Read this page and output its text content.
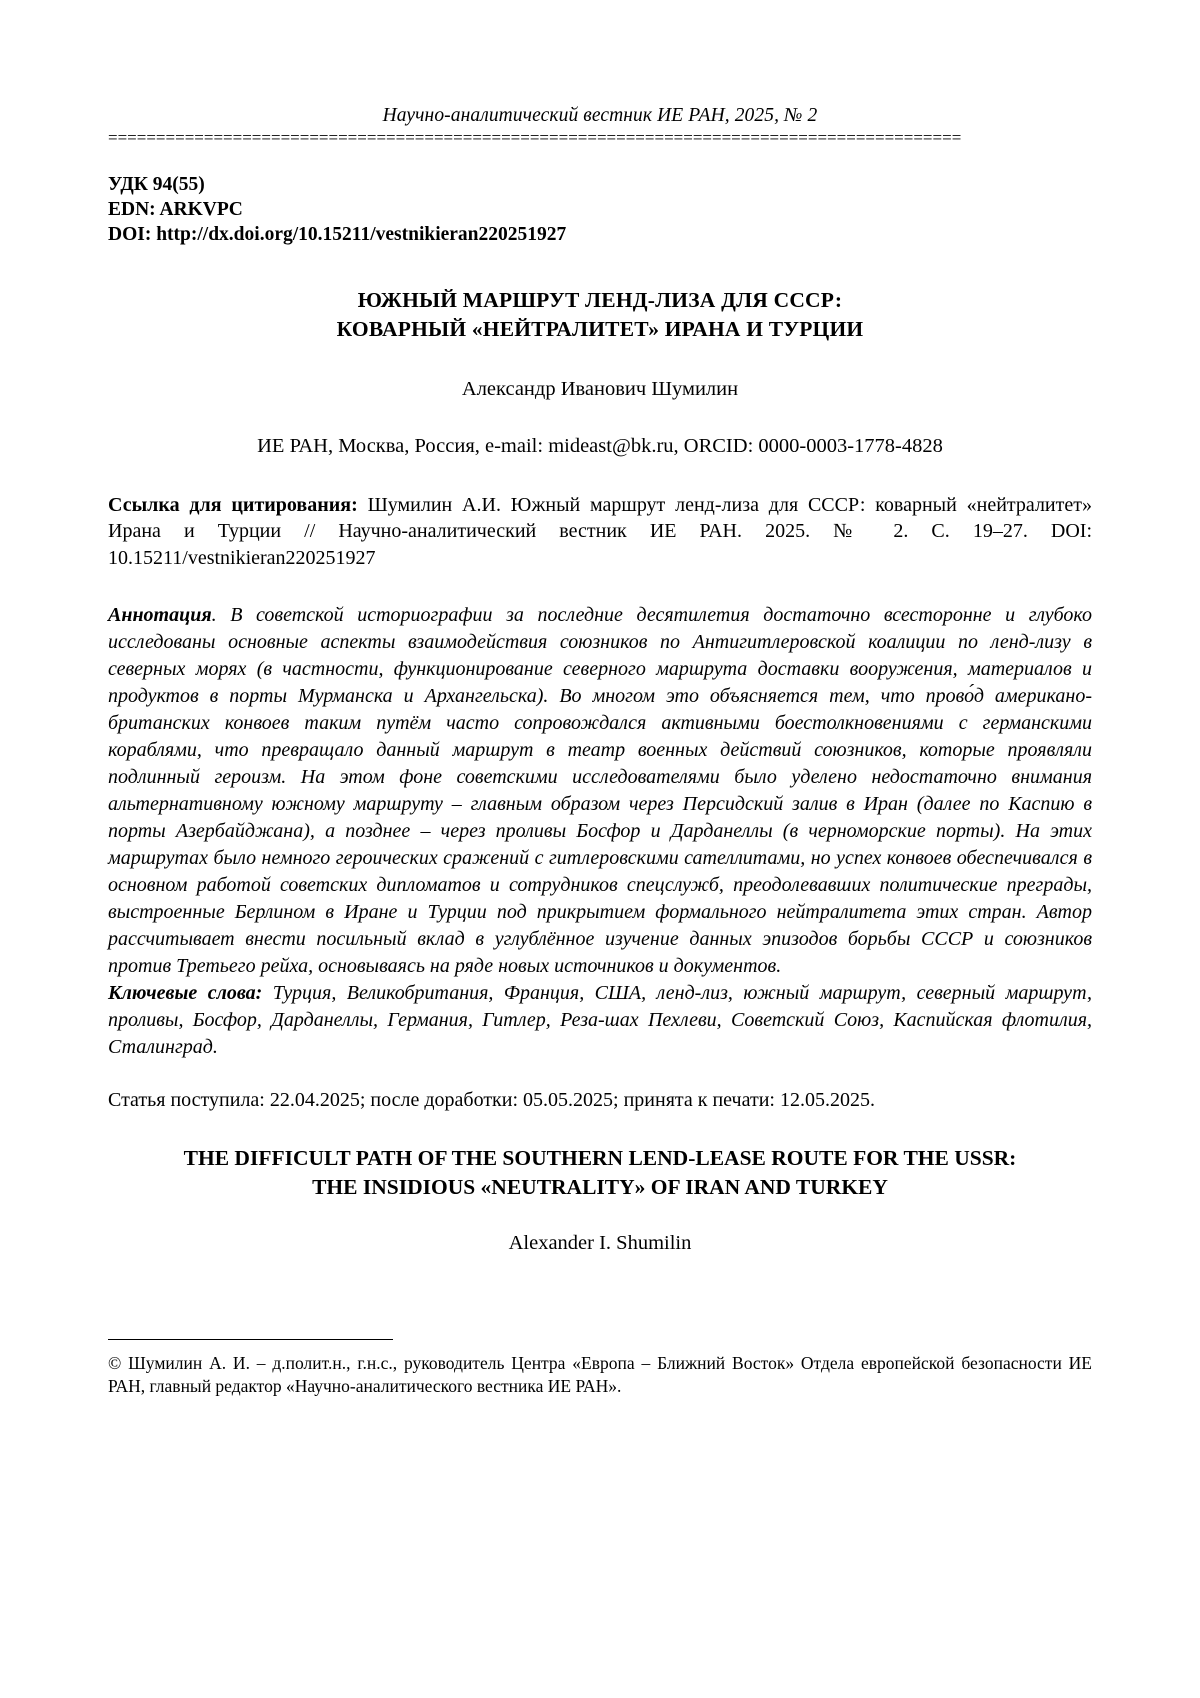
Научно-аналитический вестник ИЕ РАН, 2025, № 2
=========================================================================================
УДК 94(55)
EDN: ARKVPC
DOI: http://dx.doi.org/10.15211/vestnikieran220251927
ЮЖНЫЙ МАРШРУТ ЛЕНД-ЛИЗА ДЛЯ СССР:
КОВАРНЫЙ «НЕЙТРАЛИТЕТ» ИРАНА И ТУРЦИИ
Александр Иванович Шумилин
ИЕ РАН, Москва, Россия, e-mail: mideast@bk.ru, ORCID: 0000-0003-1778-4828
Ссылка для цитирования: Шумилин А.И. Южный маршрут ленд-лиза для СССР: коварный «нейтралитет» Ирана и Турции // Научно-аналитический вестник ИЕ РАН. 2025. № 2. С. 19–27. DOI: 10.15211/vestnikieran220251927
Аннотация. В советской историографии за последние десятилетия достаточно всесторонне и глубоко исследованы основные аспекты взаимодействия союзников по Антигитлеровской коалиции по ленд-лизу в северных морях (в частности, функционирование северного маршрута доставки вооружения, материалов и продуктов в порты Мурманска и Архангельска). Во многом это объясняется тем, что прово́д американо-британских конвоев таким путём часто сопровождался активными боестолкновениями с германскими кораблями, что превращало данный маршрут в театр военных действий союзников, которые проявляли подлинный героизм. На этом фоне советскими исследователями было уделено недостаточно внимания альтернативному южному маршруту – главным образом через Персидский залив в Иран (далее по Каспию в порты Азербайджана), а позднее – через проливы Босфор и Дарданеллы (в черноморские порты). На этих маршрутах было немного героических сражений с гитлеровскими сателлитами, но успех конвоев обеспечивался в основном работой советских дипломатов и сотрудников спецслужб, преодолевавших политические преграды, выстроенные Берлином в Иране и Турции под прикрытием формального нейтралитета этих стран. Автор рассчитывает внести посильный вклад в углублённое изучение данных эпизодов борьбы СССР и союзников против Третьего рейха, основываясь на ряде новых источников и документов.
Ключевые слова: Турция, Великобритания, Франция, США, ленд-лиз, южный маршрут, северный маршрут, проливы, Босфор, Дарданеллы, Германия, Гитлер, Реза-шах Пехлеви, Советский Союз, Каспийская флотилия, Сталинград.
Статья поступила: 22.04.2025; после доработки: 05.05.2025; принята к печати: 12.05.2025.
THE DIFFICULT PATH OF THE SOUTHERN LEND-LEASE ROUTE FOR THE USSR:
THE INSIDIOUS «NEUTRALITY» OF IRAN AND TURKEY
Alexander I. Shumilin
© Шумилин А. И. – д.полит.н., г.н.с., руководитель Центра «Европа – Ближний Восток» Отдела европейской безопасности ИЕ РАН, главный редактор «Научно-аналитического вестника ИЕ РАН».
